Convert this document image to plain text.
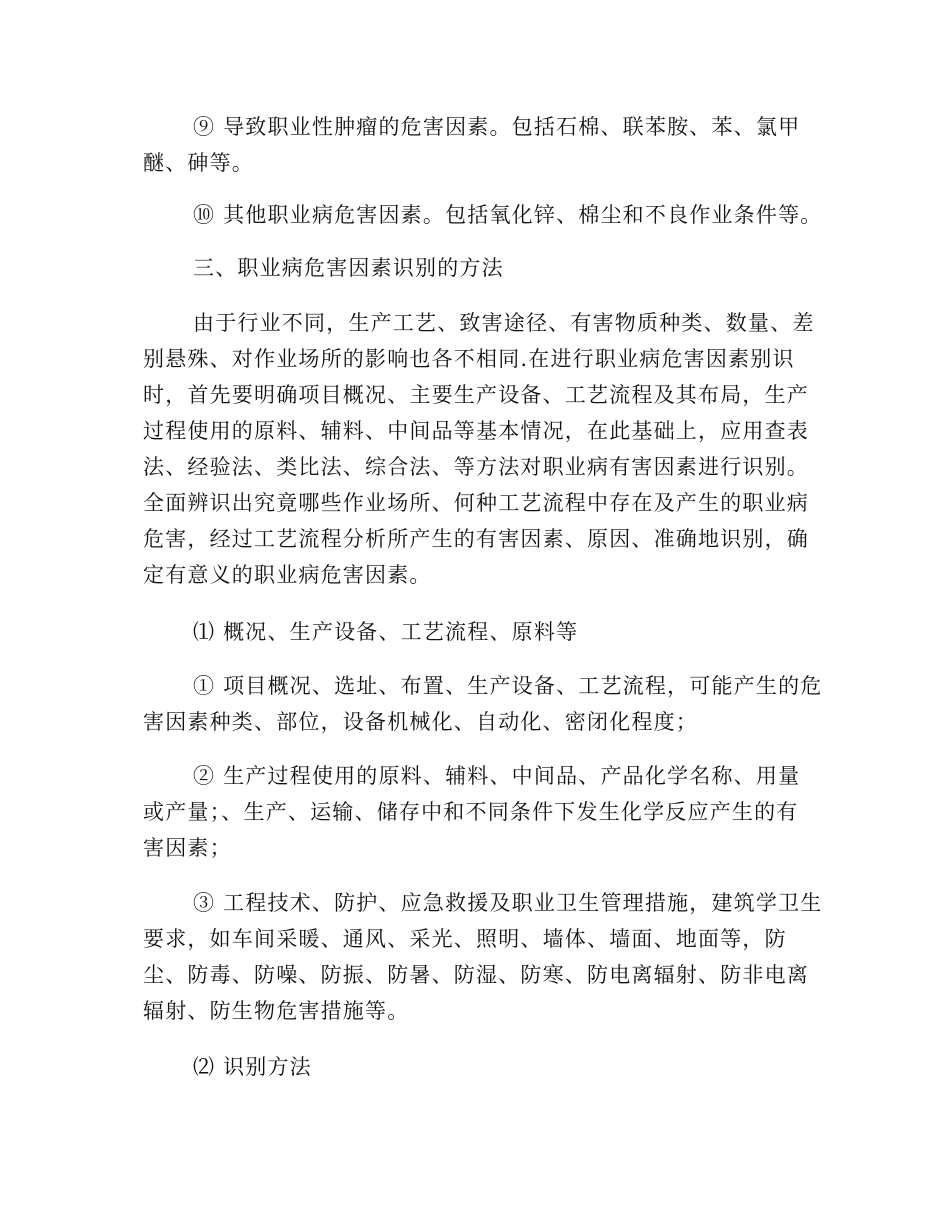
⑨ 导致职业性肿瘤的危害因素。包括石棉、联苯胺、苯、氯甲
醚、砷等。
⑩ 其他职业病危害因素。包括氧化锌、棉尘和不良作业条件等。
三、职业病危害因素识别的方法
由于行业不同，生产工艺、致害途径、有害物质种类、数量、差
别悬殊、对作业场所的影响也各不相同.在进行职业病危害因素别识
时，首先要明确项目概况、主要生产设备、工艺流程及其布局，生产
过程使用的原料、辅料、中间品等基本情况，在此基础上，应用查表
法、经验法、类比法、综合法、等方法对职业病有害因素进行识别。
全面辨识出究竟哪些作业场所、何种工艺流程中存在及产生的职业病
危害，经过工艺流程分析所产生的有害因素、原因、准确地识别，确
定有意义的职业病危害因素。
⑴ 概况、生产设备、工艺流程、原料等
① 项目概况、选址、布置、生产设备、工艺流程，可能产生的危
害因素种类、部位，设备机械化、自动化、密闭化程度；
② 生产过程使用的原料、辅料、中间品、产品化学名称、用量
或产量；、生产、运输、储存中和不同条件下发生化学反应产生的有
害因素；
③ 工程技术、防护、应急救援及职业卫生管理措施，建筑学卫生
要求，如车间采暖、通风、采光、照明、墙体、墙面、地面等，防
尘、防毒、防噪、防振、防暑、防湿、防寒、防电离辐射、防非电离
辐射、防生物危害措施等。
⑵ 识别方法
